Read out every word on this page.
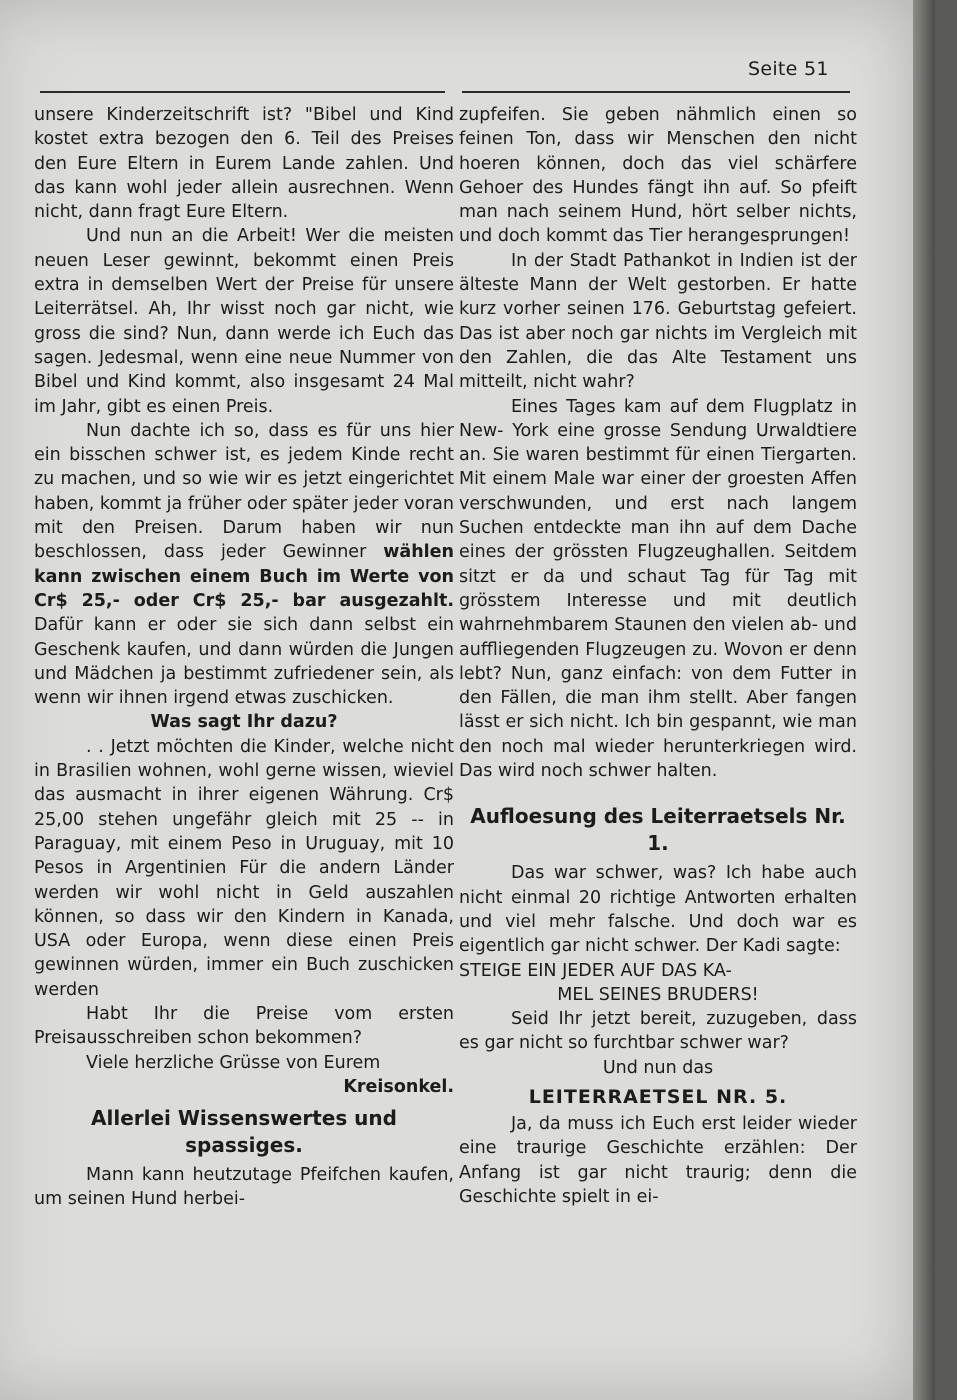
Seite 51

unsere Kinderzeitschrift ist? "Bibel und Kind kostet extra bezogen den 6. Teil des Preises den Eure Eltern in Eurem Lande zahlen. Und das kann wohl jeder allein ausrechnen. Wenn nicht, dann fragt Eure Eltern.

Und nun an die Arbeit! Wer die meisten neuen Leser gewinnt, bekommt einen Preis extra in demselben Wert der Preise für unsere Leiterrätsel. Ah, Ihr wisst noch gar nicht, wie gross die sind? Nun, dann werde ich Euch das sagen. Jedesmal, wenn eine neue Nummer von Bibel und Kind kommt, also insgesamt 24 Mal im Jahr, gibt es einen Preis.

Nun dachte ich so, dass es für uns hier ein bisschen schwer ist, es jedem Kinde recht zu machen, und so wie wir es jetzt eingerichtet haben, kommt ja früher oder später jeder voran mit den Preisen. Darum haben wir nun beschlossen, dass jeder Gewinner wählen kann zwischen einem Buch im Werte von Cr$ 25,- oder Cr$ 25,- bar ausgezahlt. Dafür kann er oder sie sich dann selbst ein Geschenk kaufen, und dann würden die Jungen und Mädchen ja bestimmt zufriedener sein, als wenn wir ihnen irgend etwas zuschicken.

Was sagt Ihr dazu?

. . Jetzt möchten die Kinder, welche nicht in Brasilien wohnen, wohl gerne wissen, wieviel das ausmacht in ihrer eigenen Währung. Cr$ 25,00 stehen ungefähr gleich mit 25 -- in Paraguay, mit einem Peso in Uruguay, mit 10 Pesos in Argentinien Für die andern Länder werden wir wohl nicht in Geld auszahlen können, so dass wir den Kindern in Kanada, USA oder Europa, wenn diese einen Preis gewinnen würden, immer ein Buch zuschicken werden

Habt Ihr die Preise vom ersten Preisausschreiben schon bekommen?

Viele herzliche Grüsse von Eurem

Kreisonkel.

Allerlei Wissenswertes und spassiges.

Mann kann heutzutage Pfeifchen kaufen, um seinen Hund herbei-

zupfeifen. Sie geben nähmlich einen so feinen Ton, dass wir Menschen den nicht hoeren können, doch das viel schärfere Gehoer des Hundes fängt ihn auf. So pfeift man nach seinem Hund, hört selber nichts, und doch kommt das Tier herangesprungen!

In der Stadt Pathankot in Indien ist der älteste Mann der Welt gestorben. Er hatte kurz vorher seinen 176. Geburtstag gefeiert. Das ist aber noch gar nichts im Vergleich mit den Zahlen, die das Alte Testament uns mitteilt, nicht wahr?

Eines Tages kam auf dem Flugplatz in New- York eine grosse Sendung Urwaldtiere an. Sie waren bestimmt für einen Tiergarten. Mit einem Male war einer der groesten Affen verschwunden, und erst nach langem Suchen entdeckte man ihn auf dem Dache eines der grössten Flugzeughallen. Seitdem sitzt er da und schaut Tag für Tag mit grösstem Interesse und mit deutlich wahrnehmbarem Staunen den vielen ab- und auffliegenden Flugzeugen zu. Wovon er denn lebt? Nun, ganz einfach: von dem Futter in den Fällen, die man ihm stellt. Aber fangen lässt er sich nicht. Ich bin gespannt, wie man den noch mal wieder herunterkriegen wird. Das wird noch schwer halten.

Aufloesung des Leiterraetsels Nr. 1.

Das war schwer, was? Ich habe auch nicht einmal 20 richtige Antworten erhalten und viel mehr falsche. Und doch war es eigentlich gar nicht schwer. Der Kadi sagte:

STEIGE EIN JEDER AUF DAS KA-

MEL SEINES BRUDERS!

Seid Ihr jetzt bereit, zuzugeben, dass es gar nicht so furchtbar schwer war?

Und nun das

LEITERRAETSEL NR. 5.

Ja, da muss ich Euch erst leider wieder eine traurige Geschichte erzählen: Der Anfang ist gar nicht traurig; denn die Geschichte spielt in ei-
